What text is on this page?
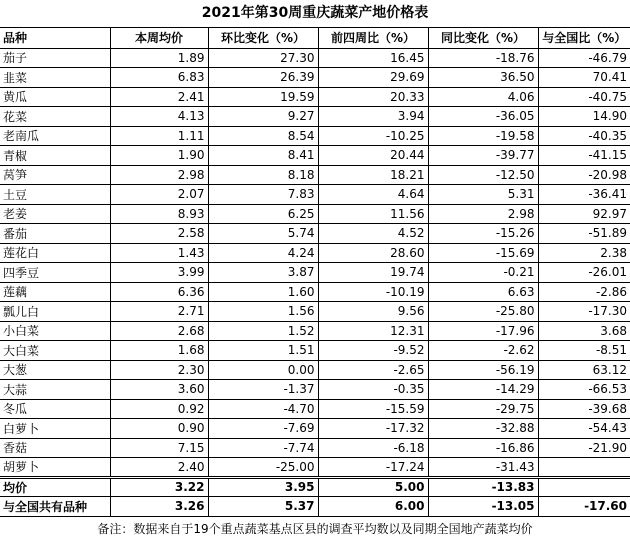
2021年第30周重庆蔬菜产地价格表
品种	本周均价	环比变化（%）	前四周比（%）	同比变化（%）	与全国比（%）
茄子	1.89	27.30	16.45	-18.76	-46.79
韭菜	6.83	26.39	29.69	36.50	70.41
黄瓜	2.41	19.59	20.33	4.06	-40.75
花菜	4.13	9.27	3.94	-36.05	14.90
老南瓜	1.11	8.54	-10.25	-19.58	-40.35
青椒	1.90	8.41	20.44	-39.77	-41.15
莴笋	2.98	8.18	18.21	-12.50	-20.98
土豆	2.07	7.83	4.64	5.31	-36.41
老姜	8.93	6.25	11.56	2.98	92.97
番茄	2.58	5.74	4.52	-15.26	-51.89
莲花白	1.43	4.24	28.60	-15.69	2.38
四季豆	3.99	3.87	19.74	-0.21	-26.01
莲藕	6.36	1.60	-10.19	6.63	-2.86
瓢儿白	2.71	1.56	9.56	-25.80	-17.30
小白菜	2.68	1.52	12.31	-17.96	3.68
大白菜	1.68	1.51	-9.52	-2.62	-8.51
大葱	2.30	0.00	-2.65	-56.19	63.12
大蒜	3.60	-1.37	-0.35	-14.29	-66.53
冬瓜	0.92	-4.70	-15.59	-29.75	-39.68
白萝卜	0.90	-7.69	-17.32	-32.88	-54.43
香菇	7.15	-7.74	-6.18	-16.86	-21.90
胡萝卜	2.40	-25.00	-17.24	-31.43	
均价	3.22	3.95	5.00	-13.83	
与全国共有品种	3.26	5.37	6.00	-13.05	-17.60
备注：数据来自于19个重点蔬菜基点区县的调查平均数以及同期全国地产蔬菜均价
